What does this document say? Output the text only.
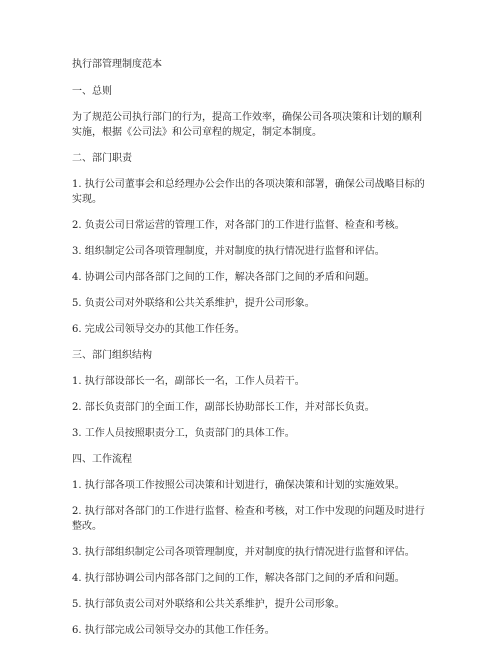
执行部管理制度范本

一、总则

为了规范公司执行部门的行为，提高工作效率，确保公司各项决策和计划的顺利实施，根据《公司法》和公司章程的规定，制定本制度。

二、部门职责

1. 执行公司董事会和总经理办公会作出的各项决策和部署，确保公司战略目标的实现。

2. 负责公司日常运营的管理工作，对各部门的工作进行监督、检查和考核。

3. 组织制定公司各项管理制度，并对制度的执行情况进行监督和评估。

4. 协调公司内部各部门之间的工作，解决各部门之间的矛盾和问题。

5. 负责公司对外联络和公共关系维护，提升公司形象。

6. 完成公司领导交办的其他工作任务。

三、部门组织结构

1. 执行部设部长一名，副部长一名，工作人员若干。

2. 部长负责部门的全面工作，副部长协助部长工作，并对部长负责。

3. 工作人员按照职责分工，负责部门的具体工作。

四、工作流程

1. 执行部各项工作按照公司决策和计划进行，确保决策和计划的实施效果。

2. 执行部对各部门的工作进行监督、检查和考核，对工作中发现的问题及时进行整改。

3. 执行部组织制定公司各项管理制度，并对制度的执行情况进行监督和评估。

4. 执行部协调公司内部各部门之间的工作，解决各部门之间的矛盾和问题。

5. 执行部负责公司对外联络和公共关系维护，提升公司形象。

6. 执行部完成公司领导交办的其他工作任务。
